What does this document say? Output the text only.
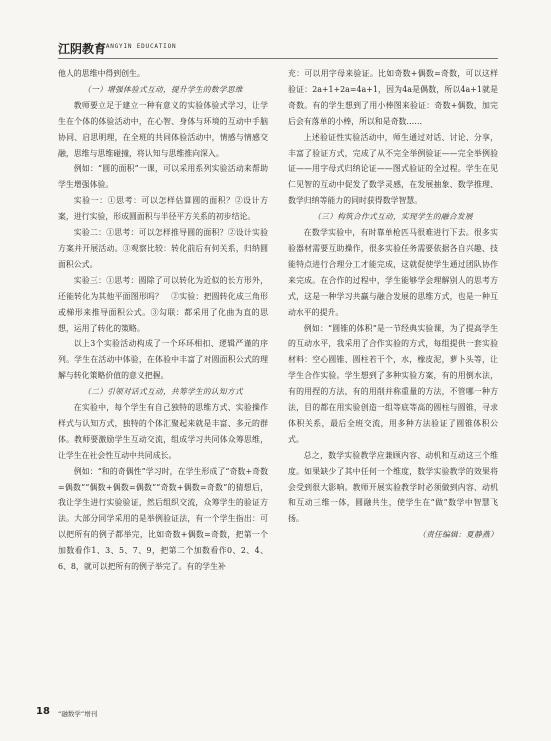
江阴教育
JIANGYIN EDUCATION

他人的思维中得到创生。

（一）增强体验式互动，提升学生的数学思维

教师要立足于建立一种有意义的实验体验式学习，让学生在个体的体验活动中，在心智、身体与环境的互动中手脑协同、启思明理，在全班的共同体验活动中，情感与情感交融，思维与思维碰撞，将认知与思维推向深入。

例如：“圆的面积”一课，可以采用系列实验活动来帮助学生增强体验。

实验一：①思考：可以怎样估算圆的面积？②设计方案，进行实验，形成圆面积与半径平方关系的初步结论。

实验二：①思考：可以怎样推导圆的面积？②设计实验方案并开展活动。③观察比较：转化前后有何关系，归纳圆面积公式。

实验三：①思考：圆除了可以转化为近似的长方形外，还能转化为其他平面图形吗？　②实验：把圆转化成三角形或梯形来推导面积公式。③勾联：都采用了化曲为直的思想，运用了转化的策略。

以上3个实验活动构成了一个环环相扣、逻辑严谨的序列。学生在活动中体验，在体验中丰富了对圆面积公式的理解与转化策略价值的意义把握。

（二）引领对话式互动，共筹学生的认知方式

在实验中，每个学生有自己独特的思维方式、实验操作样式与认知方式，独特的个体汇聚起来就是丰富、多元的群体。教师要激励学生互动交流，组成学习共同体众筹思维，让学生在社会性互动中共同成长。

例如：“和的奇偶性”学习时，在学生形成了“奇数+奇数=偶数”“偶数+偶数=偶数”“奇数+偶数=奇数”的猜想后，我让学生进行实验验证，然后组织交流，众筹学生的验证方法。大部分同学采用的是举例验证法，有一个学生指出：可以把所有的例子都举完，比如奇数+偶数=奇数，把第一个加数看作1、3、5、7、9，把第二个加数看作0、2、4、6、8，就可以把所有的例子举完了。有的学生补

充：可以用字母来验证。比如奇数+偶数=奇数，可以这样验证：2a+1+2a=4a+1，因为4a是偶数，所以4a+1就是奇数。有的学生想到了用小棒图来验证：奇数+偶数，加完后会有落单的小棒，所以和是奇数……

上述验证性实验活动中，师生通过对话、讨论、分享，丰富了验证方式，完成了从不完全举例验证——完全举例验证——用字母式归纳论证——图式验证的全过程。学生在见仁见智的互动中促发了数学灵感，在发展抽象、数学推理、数学归纳等能力的同时获得数学智慧。

（三）构筑合作式互动，实现学生的融合发展

在数学实验中，有时靠单枪匹马很难进行下去。很多实验器材需要互助操作，很多实验任务需要依据各自兴趣、技能特点进行合理分工才能完成，这就促使学生通过团队协作来完成。在合作的过程中，学生能够学会理解别人的思考方式，这是一种学习共赢与融合发展的思维方式，也是一种互动水平的提升。

例如：“圆锥的体积”是一节经典实验课，为了提高学生的互动水平，我采用了合作实验的方式，每组提供一套实验材料：空心圆锥、圆柱若干个，水，橡皮泥，萝卜头等，让学生合作实验。学生想到了多种实验方案，有的用倒水法，有的用捏的方法，有的用削并称重量的方法，不管哪一种方法，目的都在用实验创造一组等底等高的圆柱与圆锥，寻求体积关系，最后全班交流，用多种方法验证了圆锥体积公式。

总之，数学实验教学应兼顾内容、动机和互动这三个维度。如果缺少了其中任何一个维度，数学实验教学的效果将会受到很大影响。教师开展实验教学时必须做到内容、动机和互动三维一体，圆融共生，使学生在“做”数学中智慧飞扬。

（责任编辑：夏静燕）

18 “融数学”增刊
